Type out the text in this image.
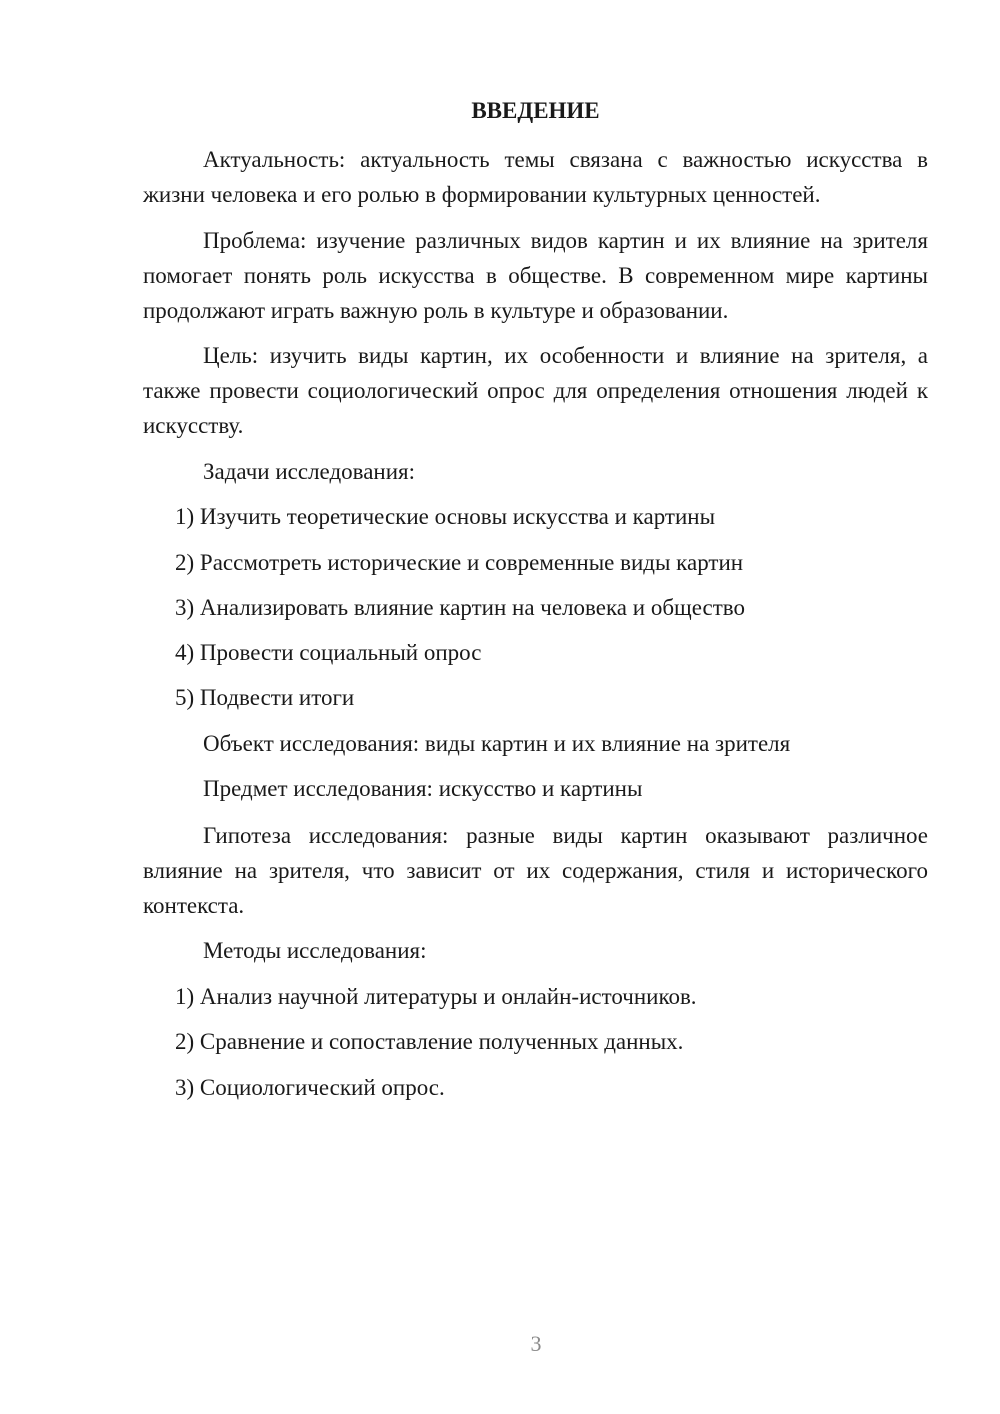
ВВЕДЕНИЕ

Актуальность: актуальность темы связана с важностью искусства в жизни человека и его ролью в формировании культурных ценностей.

Проблема: изучение различных видов картин и их влияние на зрителя помогает понять роль искусства в обществе. В современном мире картины продолжают играть важную роль в культуре и образовании.

Цель: изучить виды картин, их особенности и влияние на зрителя, а также провести социологический опрос для определения отношения людей к искусству.

Задачи исследования:

1) Изучить теоретические основы искусства и картины

2) Рассмотреть исторические и современные виды картин

3) Анализировать влияние картин на человека и общество

4) Провести социальный опрос

5) Подвести итоги

Объект исследования: виды картин и их влияние на зрителя

Предмет исследования: искусство и картины

Гипотеза исследования: разные виды картин оказывают различное влияние на зрителя, что зависит от их содержания, стиля и исторического контекста.

Методы исследования:

1) Анализ научной литературы и онлайн-источников.

2) Сравнение и сопоставление полученных данных.

3) Социологический опрос.

3
